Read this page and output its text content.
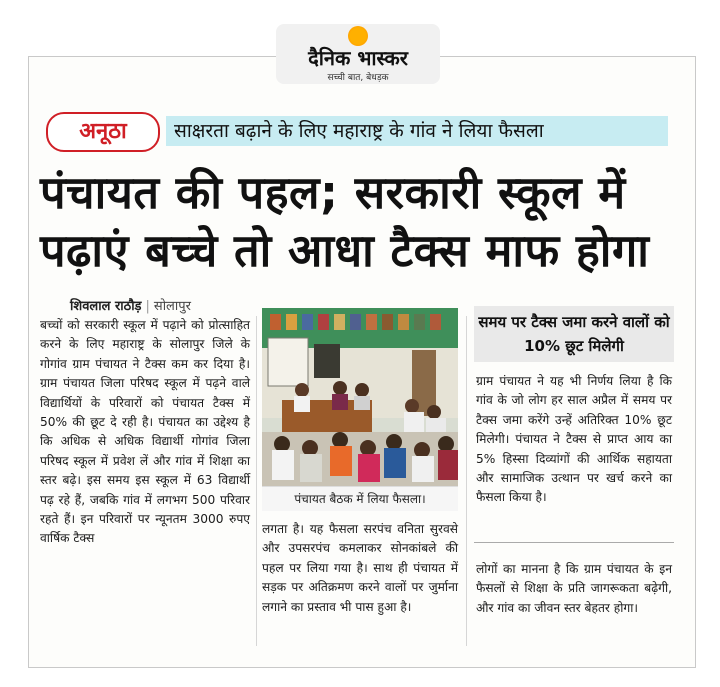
दैनिक भास्कर
सच्ची बात, बेधड़क
अनूठा	साक्षरता बढ़ाने के लिए महाराष्ट्र के गांव ने लिया फैसला
पंचायत की पहल; सरकारी स्कूल में
पढ़ाएं बच्चे तो आधा टैक्स माफ होगा
शिवलाल राठौड़ | सोलापुर
बच्चों को सरकारी स्कूल में पढ़ाने को प्रोत्साहित करने के लिए महाराष्ट्र के सोलापुर जिले के गोगांव ग्राम पंचायत ने टैक्स कम कर दिया है। ग्राम पंचायत जिला परिषद स्कूल में पढ़ने वाले विद्यार्थियों के परिवारों को पंचायत टैक्स में 50% की छूट दे रही है। पंचायत का उद्देश्य है कि अधिक से अधिक विद्यार्थी गोगांव जिला परिषद स्कूल में प्रवेश लें और गांव में शिक्षा का स्तर बढ़े। इस समय इस स्कूल में 63 विद्यार्थी पढ़ रहे हैं, जबकि गांव में लगभग 500 परिवार रहते हैं। इन परिवारों पर न्यूनतम 3000 रुपए वार्षिक टैक्स
पंचायत बैठक में लिया फैसला।
लगता है। यह फैसला सरपंच वनिता सुरवसे और उपसरपंच कमलाकर सोनकांबले की पहल पर लिया गया है। साथ ही पंचायत में सड़क पर अतिक्रमण करने वालों पर जुर्माना लगाने का प्रस्ताव भी पास हुआ है।
समय पर टैक्स जमा करने वालों को 10% छूट मिलेगी
ग्राम पंचायत ने यह भी निर्णय लिया है कि गांव के जो लोग हर साल अप्रैल में समय पर टैक्स जमा करेंगे उन्हें अतिरिक्त 10% छूट मिलेगी। पंचायत ने टैक्स से प्राप्त आय का 5% हिस्सा दिव्यांगों की आर्थिक सहायता और सामाजिक उत्थान पर खर्च करने का फैसला किया है।
लोगों का मानना है कि ग्राम पंचायत के इन फैसलों से शिक्षा के प्रति जागरूकता बढ़ेगी, और गांव का जीवन स्तर बेहतर होगा।
